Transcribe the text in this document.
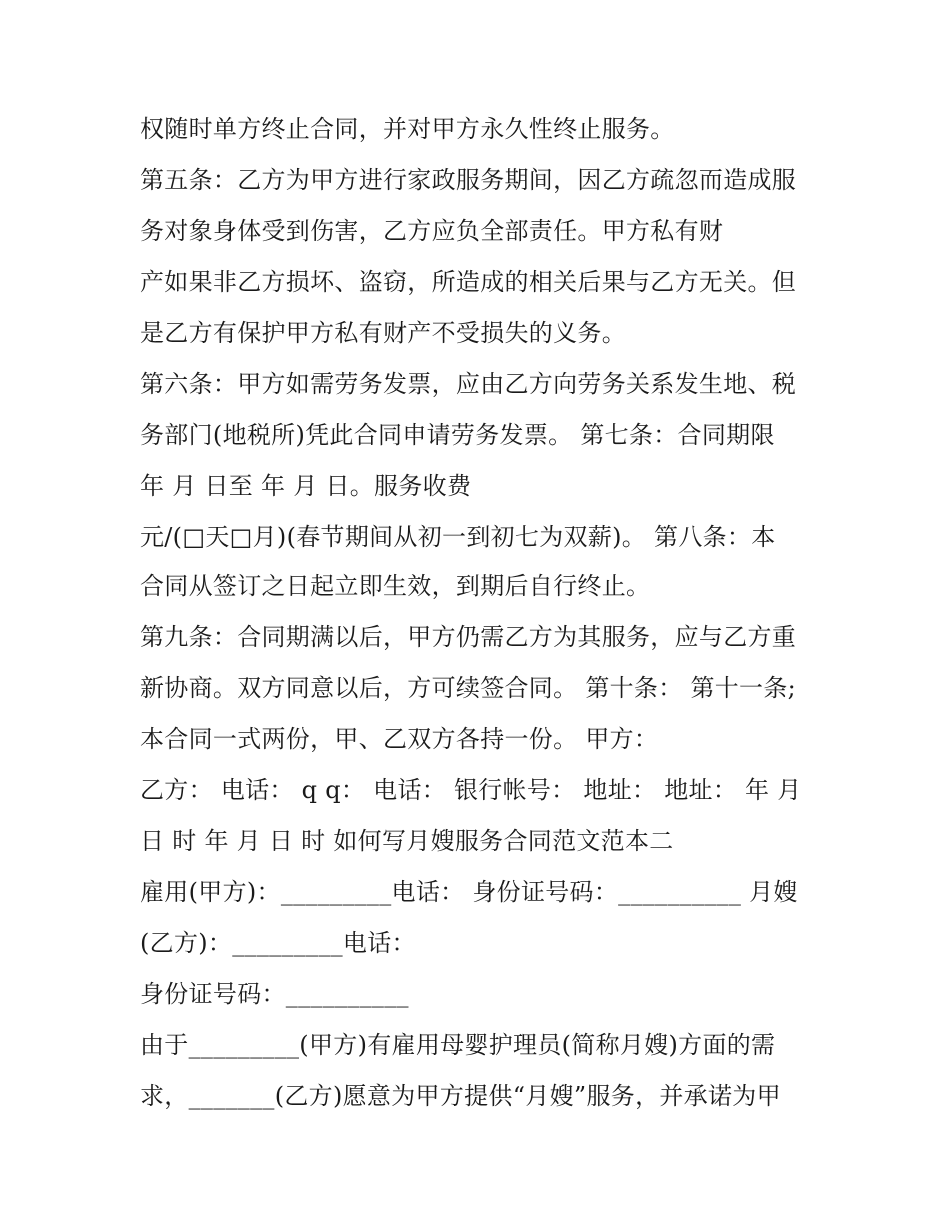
权随时单方终止合同，并对甲方永久性终止服务。
第五条：乙方为甲方进行家政服务期间，因乙方疏忽而造成服
务对象身体受到伤害，乙方应负全部责任。甲方私有财
产如果非乙方损坏、盗窃，所造成的相关后果与乙方无关。但
是乙方有保护甲方私有财产不受损失的义务。
第六条：甲方如需劳务发票，应由乙方向劳务关系发生地、税
务部门(地税所)凭此合同申请劳务发票。 第七条：合同期限
年 月 日至 年 月 日。服务收费
元/(□天□月)(春节期间从初一到初七为双薪)。 第八条：本
合同从签订之日起立即生效，到期后自行终止。
第九条：合同期满以后，甲方仍需乙方为其服务，应与乙方重
新协商。双方同意以后，方可续签合同。 第十条： 第十一条;
本合同一式两份，甲、乙双方各持一份。 甲方：
乙方： 电话： q q： 电话： 银行帐号： 地址： 地址： 年 月
日 时 年 月 日 时 如何写月嫂服务合同范文范本二
雇用(甲方)：_________电话： 身份证号码：__________ 月嫂
(乙方)：_________电话：
身份证号码：__________
由于_________(甲方)有雇用母婴护理员(简称月嫂)方面的需
求，_______(乙方)愿意为甲方提供“月嫂”服务，并承诺为甲
